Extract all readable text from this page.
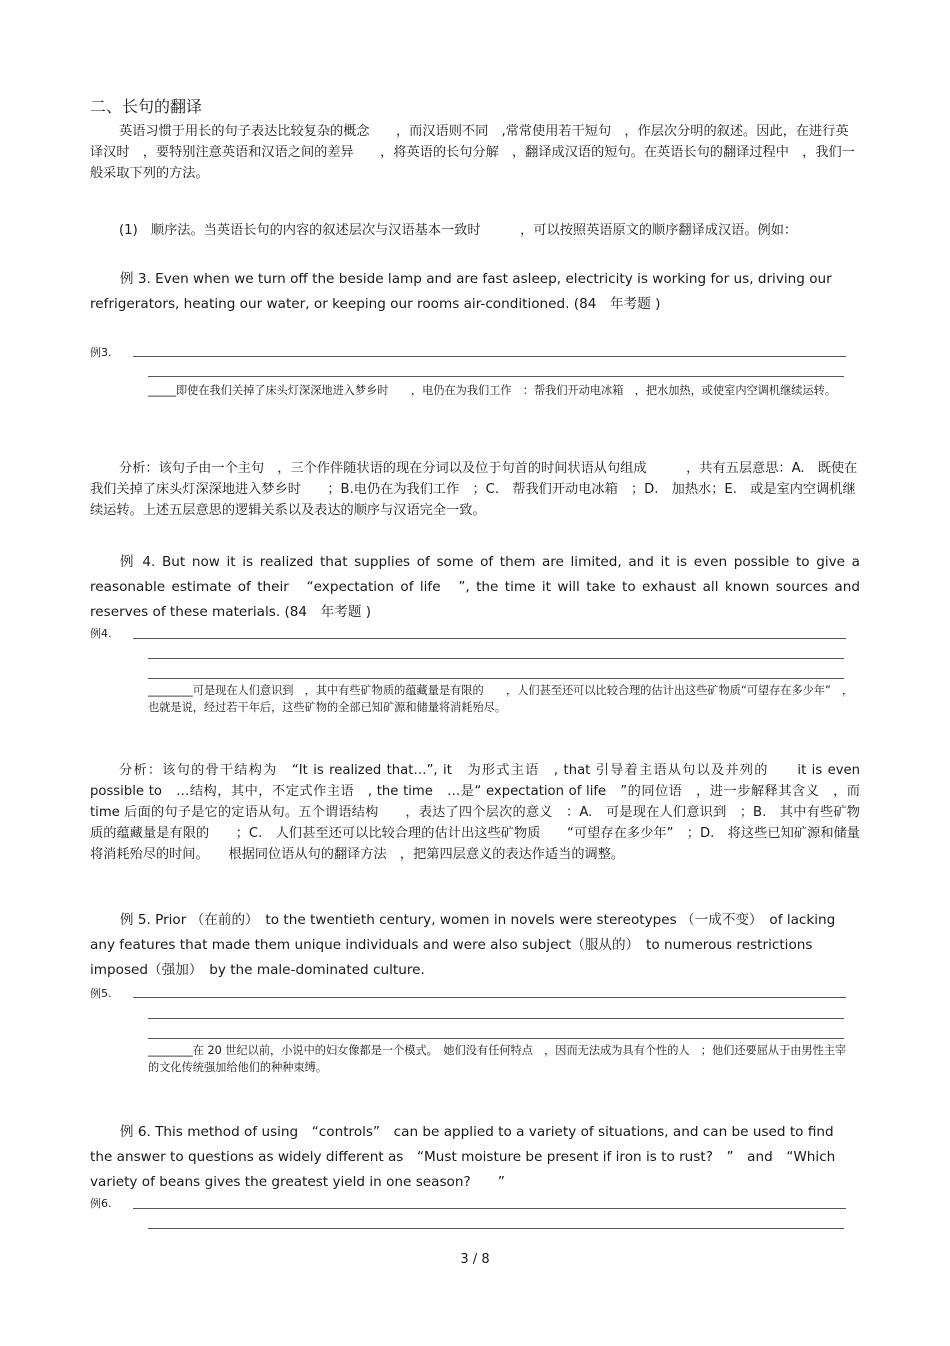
二、长句的翻译

英语习惯于用长的句子表达比较复杂的概念　　，而汉语则不同　,常常使用若干短句　，作层次分明的叙述。因此，在进行英译汉时　，要特别注意英语和汉语之间的差异　　，将英语的长句分解　，翻译成汉语的短句。在英语长句的翻译过程中　，我们一般采取下列的方法。

(1)　顺序法。当英语长句的内容的叙述层次与汉语基本一致时　　　，可以按照英语原文的顺序翻译成汉语。例如：

例 3. Even when we turn off the beside lamp and are fast asleep, electricity is working for us, driving our refrigerators, heating our water, or keeping our rooms air-conditioned. (84　年考题 )

例3.

_____即使在我们关掉了床头灯深深地进入梦乡时　　，电仍在为我们工作　：帮我们开动电冰箱　，把水加热，或使室内空调机继续运转。

分析：该句子由一个主句　，三个作伴随状语的现在分词以及位于句首的时间状语从句组成　　　，共有五层意思：A.　既使在我们关掉了床头灯深深地进入梦乡时　　；B.电仍在为我们工作　；C.　帮我们开动电冰箱　；D.　加热水；E.　或是室内空调机继续运转。上述五层意思的逻辑关系以及表达的顺序与汉语完全一致。

例 4. But now it is realized that supplies of some of them are limited, and it is even possible to give a reasonable estimate of their　“expectation of life　”, the time it will take to exhaust all known sources and reserves of these materials. (84　年考题 )

例4.

________可是现在人们意识到　，其中有些矿物质的蕴藏量是有限的　　，人们甚至还可以比较合理的估计出这些矿物质“可望存在多少年”　，也就是说，经过若干年后，这些矿物的全部已知矿源和储量将消耗殆尽。

分析：该句的骨干结构为　“It is realized that…”, it　为形式主语　, that 引导着主语从句以及并列的　　it is even possible to　…结构，其中，不定式作主语　, the time　…是“ expectation of life　”的同位语　，进一步解释其含义　，而 time 后面的句子是它的定语从句。五个谓语结构　　，表达了四个层次的意义　：A.　可是现在人们意识到　；B.　其中有些矿物质的蕴藏量是有限的　　；C.　人们甚至还可以比较合理的估计出这些矿物质　　“可望存在多少年”　；D.　将这些已知矿源和储量将消耗殆尽的时间。　　根据同位语从句的翻译方法　，把第四层意义的表达作适当的调整。

例 5. Prior （在前的）　to the twentieth century, women in novels were stereotypes （一成不变）　of lacking any features that made them unique individuals and were also subject（服从的）　to numerous restrictions imposed（强加）　by the male-dominated culture.

例5.

________在 20 世纪以前，小说中的妇女像都是一个模式。　她们没有任何特点　，因而无法成为具有个性的人　；他们还要屈从于由男性主宰的文化传统强加给他们的种种束缚。

例 6. This method of using　“controls”　can be applied to a variety of situations, and can be used to find the answer to questions as widely different as　“Must moisture be present if iron is to rust?　”　and　“Which variety of beans gives the greatest yield in one season?　　”

例6.
3 / 8
